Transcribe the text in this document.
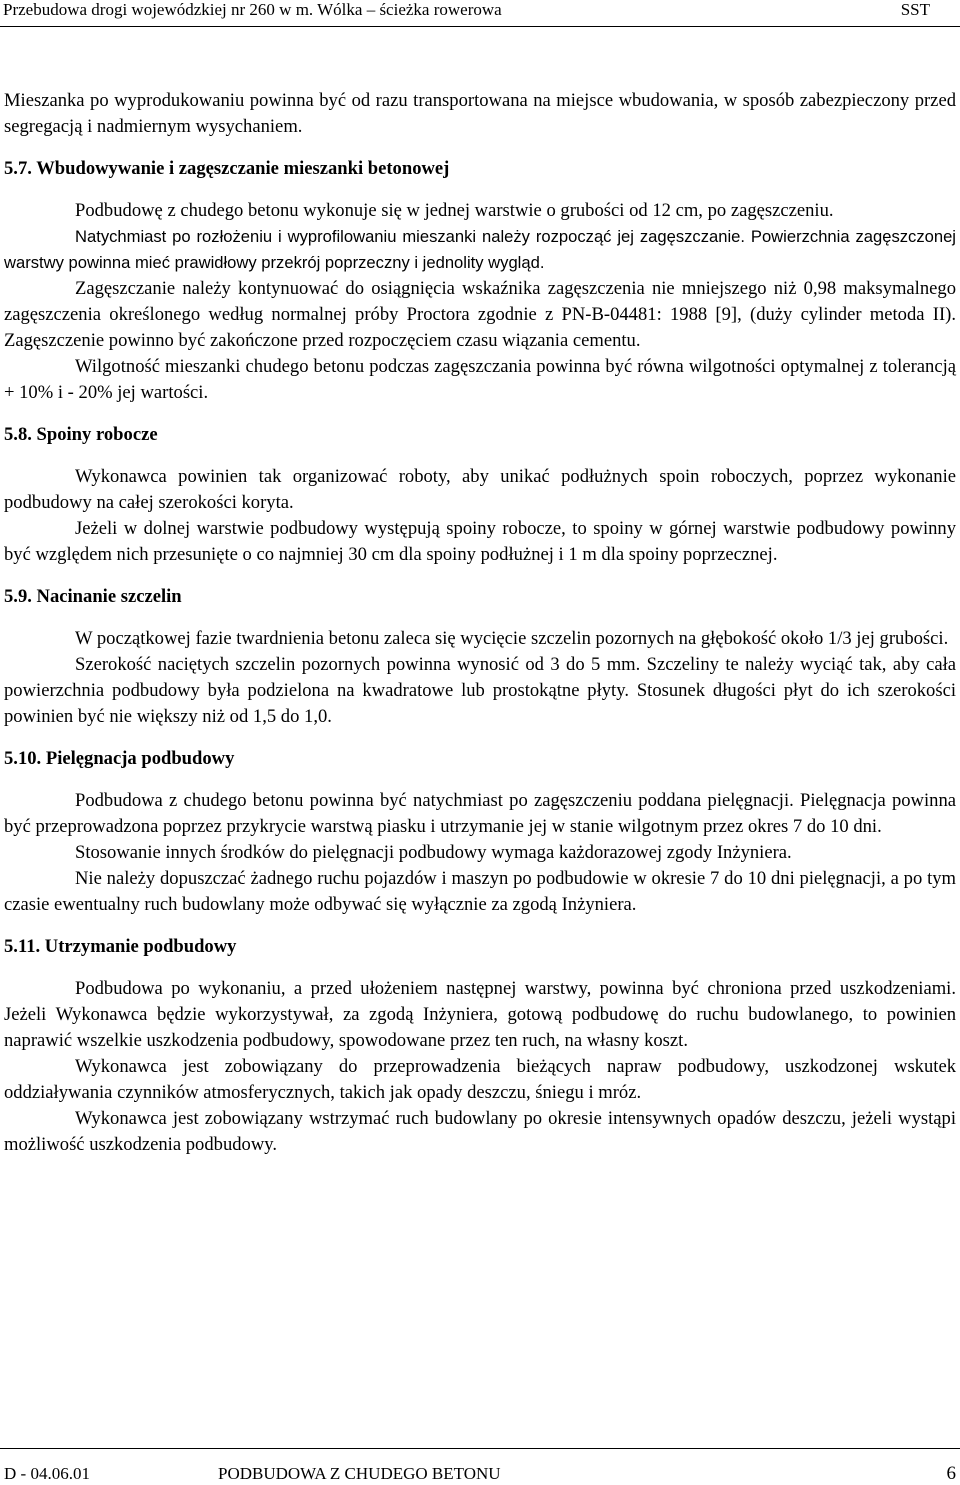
Przebudowa drogi wojewódzkiej nr 260 w m. Wólka – ścieżka rowerowa	SST

Mieszanka po wyprodukowaniu powinna być od razu transportowana na miejsce wbudowania, w sposób zabezpieczony przed segregacją i nadmiernym wysychaniem.

5.7. Wbudowywanie i zagęszczanie mieszanki betonowej

Podbudowę z chudego betonu wykonuje się w jednej warstwie o grubości od 12 cm, po zagęszczeniu.

Natychmiast po rozłożeniu i wyprofilowaniu mieszanki należy rozpocząć jej zagęszczanie. Powierzchnia zagęszczonej warstwy powinna mieć prawidłowy przekrój poprzeczny i jednolity wygląd.

Zagęszczanie należy kontynuować do osiągnięcia wskaźnika zagęszczenia nie mniejszego niż 0,98 maksymalnego zagęszczenia określonego według normalnej próby Proctora zgodnie z PN-B-04481: 1988 [9], (duży cylinder metoda II). Zagęszczenie powinno być zakończone przed rozpoczęciem czasu wiązania cementu.

Wilgotność mieszanki chudego betonu podczas zagęszczania powinna być równa wilgotności optymalnej z tolerancją + 10% i - 20% jej wartości.

5.8. Spoiny robocze

Wykonawca powinien tak organizować roboty, aby unikać podłużnych spoin roboczych, poprzez wykonanie podbudowy na całej szerokości koryta.

Jeżeli w dolnej warstwie podbudowy występują spoiny robocze, to spoiny w górnej warstwie podbudowy powinny być względem nich przesunięte o co najmniej 30 cm dla spoiny podłużnej i 1 m dla spoiny poprzecznej.

5.9. Nacinanie szczelin

W początkowej fazie twardnienia betonu zaleca się wycięcie szczelin pozornych na głębokość około 1/3 jej grubości.

Szerokość naciętych szczelin pozornych powinna wynosić od 3 do 5 mm. Szczeliny te należy wyciąć tak, aby cała powierzchnia podbudowy była podzielona na kwadratowe lub prostokątne płyty. Stosunek długości płyt do ich szerokości powinien być nie większy niż od 1,5 do 1,0.

5.10. Pielęgnacja podbudowy

Podbudowa z chudego betonu powinna być natychmiast po zagęszczeniu poddana pielęgnacji. Pielęgnacja powinna być przeprowadzona poprzez przykrycie warstwą piasku i utrzymanie jej w stanie wilgotnym przez okres 7 do 10 dni.

Stosowanie innych środków do pielęgnacji podbudowy wymaga każdorazowej zgody Inżyniera.

Nie należy dopuszczać żadnego ruchu pojazdów i maszyn po podbudowie w okresie 7 do 10 dni pielęgnacji, a po tym czasie ewentualny ruch budowlany może odbywać się wyłącznie za zgodą Inżyniera.

5.11. Utrzymanie podbudowy

Podbudowa po wykonaniu, a przed ułożeniem następnej warstwy, powinna być chroniona przed uszkodzeniami. Jeżeli Wykonawca będzie wykorzystywał, za zgodą Inżyniera, gotową podbudowę do ruchu budowlanego, to powinien naprawić wszelkie uszkodzenia podbudowy, spowodowane przez ten ruch, na własny koszt.

Wykonawca jest zobowiązany do przeprowadzenia bieżących napraw podbudowy, uszkodzonej wskutek oddziaływania czynników atmosferycznych, takich jak opady deszczu, śniegu i mróz.

Wykonawca jest zobowiązany wstrzymać ruch budowlany po okresie intensywnych opadów deszczu, jeżeli wystąpi możliwość uszkodzenia podbudowy.

D - 04.06.01	PODBUDOWA Z CHUDEGO BETONU	6
